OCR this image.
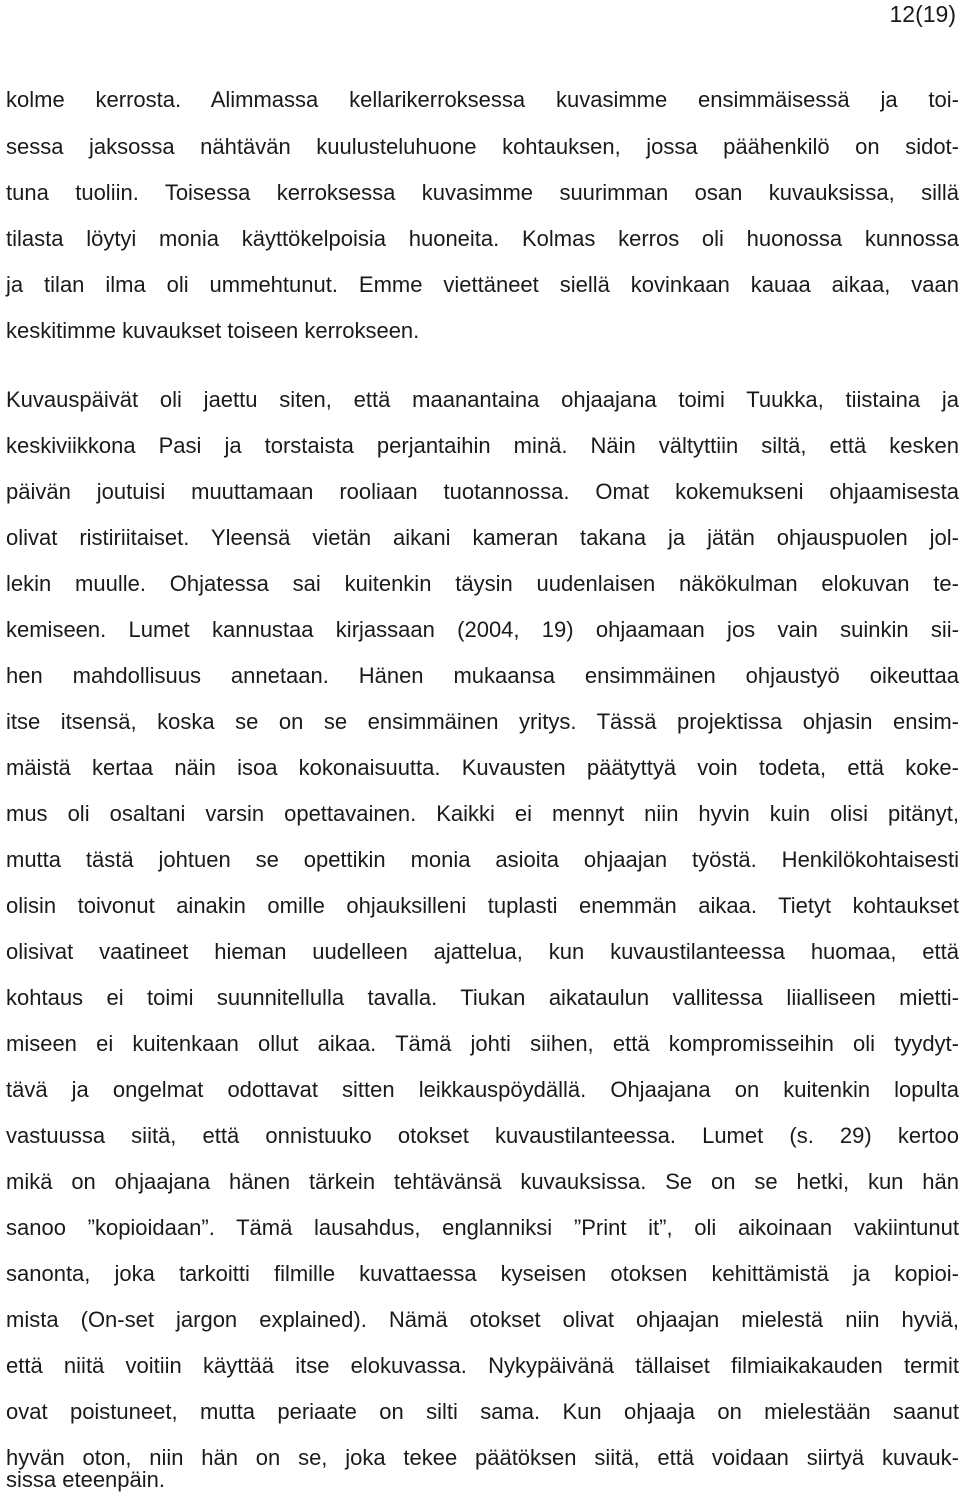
12(19)
kolme kerrosta. Alimmassa kellarikerroksessa kuvasimme ensimmäisessä ja toi-
sessa jaksossa nähtävän kuulusteluhuone kohtauksen, jossa päähenkilö on sidot-
tuna tuoliin. Toisessa kerroksessa kuvasimme suurimman osan kuvauksissa, sillä
tilasta löytyi monia käyttökelpoisia huoneita. Kolmas kerros oli huonossa kunnossa
ja tilan ilma oli ummehtunut. Emme viettäneet siellä kovinkaan kauaa aikaa, vaan
keskitimme kuvaukset toiseen kerrokseen.
Kuvauspäivät oli jaettu siten, että maanantaina ohjaajana toimi Tuukka, tiistaina ja
keskiviikkona Pasi ja torstaista perjantaihin minä. Näin vältyttiin siltä, että kesken
päivän joutuisi muuttamaan rooliaan tuotannossa. Omat kokemukseni ohjaamisesta
olivat ristiriitaiset. Yleensä vietän aikani kameran takana ja jätän ohjauspuolen jol-
lekin muulle. Ohjatessa sai kuitenkin täysin uudenlaisen näkökulman elokuvan te-
kemiseen. Lumet kannustaa kirjassaan (2004, 19) ohjaamaan jos vain suinkin sii-
hen mahdollisuus annetaan. Hänen mukaansa ensimmäinen ohjaustyö oikeuttaa
itse itsensä, koska se on se ensimmäinen yritys. Tässä projektissa ohjasin ensim-
mäistä kertaa näin isoa kokonaisuutta. Kuvausten päätyttyä voin todeta, että koke-
mus oli osaltani varsin opettavainen. Kaikki ei mennyt niin hyvin kuin olisi pitänyt,
mutta tästä johtuen se opettikin monia asioita ohjaajan työstä. Henkilökohtaisesti
olisin toivonut ainakin omille ohjauksilleni tuplasti enemmän aikaa. Tietyt kohtaukset
olisivat vaatineet hieman uudelleen ajattelua, kun kuvaustilanteessa huomaa, että
kohtaus ei toimi suunnitellulla tavalla. Tiukan aikataulun vallitessa liialliseen mietti-
miseen ei kuitenkaan ollut aikaa. Tämä johti siihen, että kompromisseihin oli tyydyt-
tävä ja ongelmat odottavat sitten leikkauspöydällä. Ohjaajana on kuitenkin lopulta
vastuussa siitä, että onnistuuko otokset kuvaustilanteessa. Lumet (s. 29) kertoo
mikä on ohjaajana hänen tärkein tehtävänsä kuvauksissa. Se on se hetki, kun hän
sanoo ”kopioidaan”. Tämä lausahdus, englanniksi ”Print it”, oli aikoinaan vakiintunut
sanonta, joka tarkoitti filmille kuvattaessa kyseisen otoksen kehittämistä ja kopioi-
mista (On-set jargon explained). Nämä otokset olivat ohjaajan mielestä niin hyviä,
että niitä voitiin käyttää itse elokuvassa. Nykypäivänä tällaiset filmiaikakauden termit
ovat poistuneet, mutta periaate on silti sama. Kun ohjaaja on mielestään saanut
hyvän oton, niin hän on se, joka tekee päätöksen siitä, että voidaan siirtyä kuvauk-
sissa eteenpäin.
